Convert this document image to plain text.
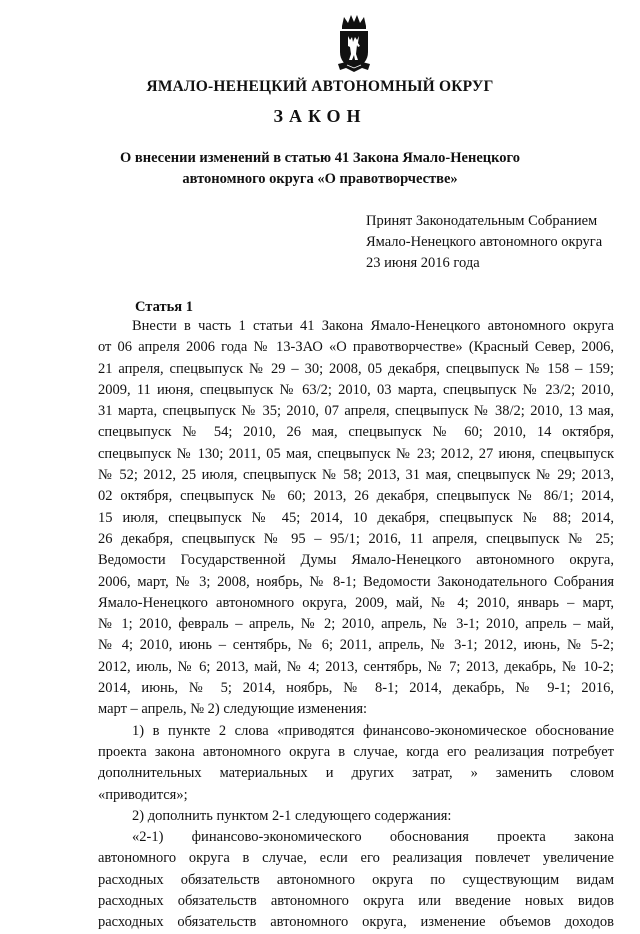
ЯМАЛО-НЕНЕЦКИЙ АВТОНОМНЫЙ ОКРУГ
ЗАКОН
О внесении изменений в статью 41 Закона Ямало-Ненецкого
автономного округа «О правотворчестве»
Принят Законодательным Собранием
Ямало-Ненецкого автономного округа
23 июня 2016 года
Статья 1
Внести в часть 1 статьи 41 Закона Ямало-Ненецкого автономного округа
от 06 апреля 2006 года № 13-ЗАО «О правотворчестве» (Красный Север, 2006,
21 апреля, спецвыпуск № 29 – 30; 2008, 05 декабря, спецвыпуск № 158 – 159;
2009, 11 июня, спецвыпуск № 63/2; 2010, 03 марта, спецвыпуск № 23/2; 2010,
31 марта, спецвыпуск № 35; 2010, 07 апреля, спецвыпуск № 38/2; 2010, 13 мая,
спецвыпуск № 54; 2010, 26 мая, спецвыпуск № 60; 2010, 14 октября,
спецвыпуск № 130; 2011, 05 мая, спецвыпуск № 23; 2012, 27 июня, спецвыпуск
№ 52; 2012, 25 июля, спецвыпуск № 58; 2013, 31 мая, спецвыпуск № 29; 2013,
02 октября, спецвыпуск № 60; 2013, 26 декабря, спецвыпуск № 86/1; 2014,
15 июля, спецвыпуск № 45; 2014, 10 декабря, спецвыпуск № 88; 2014,
26 декабря, спецвыпуск № 95 – 95/1; 2016, 11 апреля, спецвыпуск № 25;
Ведомости Государственной Думы Ямало-Ненецкого автономного округа,
2006, март, № 3; 2008, ноябрь, № 8-1; Ведомости Законодательного Собрания
Ямало-Ненецкого автономного округа, 2009, май, № 4; 2010, январь – март,
№ 1; 2010, февраль – апрель, № 2; 2010, апрель, № 3-1; 2010, апрель – май,
№ 4; 2010, июнь – сентябрь, № 6; 2011, апрель, № 3-1; 2012, июнь, № 5-2;
2012, июль, № 6; 2013, май, № 4; 2013, сентябрь, № 7; 2013, декабрь, № 10-2;
2014, июнь, № 5; 2014, ноябрь, № 8-1; 2014, декабрь, № 9-1; 2016,
март – апрель, № 2) следующие изменения:
1) в пункте 2 слова «приводятся финансово-экономическое обоснование
проекта закона автономного округа в случае, когда его реализация потребует
дополнительных материальных и других затрат, » заменить словом
«приводится»;
2) дополнить пунктом 2-1 следующего содержания:
«2-1) финансово-экономического обоснования проекта закона
автономного округа в случае, если его реализация повлечет увеличение
расходных обязательств автономного округа по существующим видам
расходных обязательств автономного округа или введение новых видов
расходных обязательств автономного округа, изменение объемов доходов
